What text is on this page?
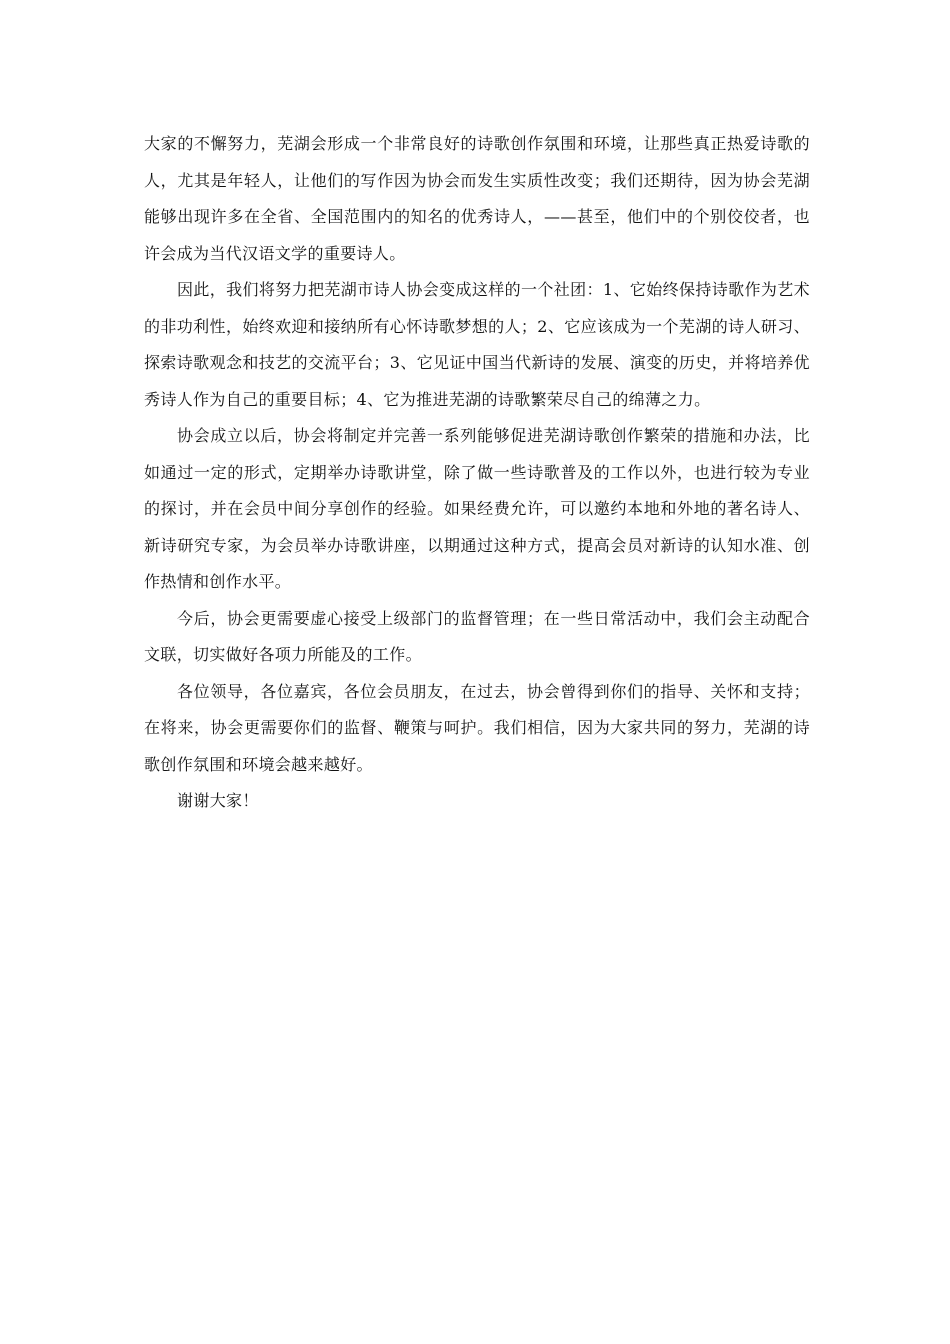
大家的不懈努力，芜湖会形成一个非常良好的诗歌创作氛围和环境，让那些真正热爱诗歌的人，尤其是年轻人，让他们的写作因为协会而发生实质性改变；我们还期待，因为协会芜湖能够出现许多在全省、全国范围内的知名的优秀诗人，——甚至，他们中的个别佼佼者，也许会成为当代汉语文学的重要诗人。

因此，我们将努力把芜湖市诗人协会变成这样的一个社团：1、它始终保持诗歌作为艺术的非功利性，始终欢迎和接纳所有心怀诗歌梦想的人；2、它应该成为一个芜湖的诗人研习、探索诗歌观念和技艺的交流平台；3、它见证中国当代新诗的发展、演变的历史，并将培养优秀诗人作为自己的重要目标；4、它为推进芜湖的诗歌繁荣尽自己的绵薄之力。

协会成立以后，协会将制定并完善一系列能够促进芜湖诗歌创作繁荣的措施和办法，比如通过一定的形式，定期举办诗歌讲堂，除了做一些诗歌普及的工作以外，也进行较为专业的探讨，并在会员中间分享创作的经验。如果经费允许，可以邀约本地和外地的著名诗人、新诗研究专家，为会员举办诗歌讲座，以期通过这种方式，提高会员对新诗的认知水准、创作热情和创作水平。

今后，协会更需要虚心接受上级部门的监督管理；在一些日常活动中，我们会主动配合文联，切实做好各项力所能及的工作。

各位领导，各位嘉宾，各位会员朋友，在过去，协会曾得到你们的指导、关怀和支持；在将来，协会更需要你们的监督、鞭策与呵护。我们相信，因为大家共同的努力，芜湖的诗歌创作氛围和环境会越来越好。

谢谢大家！
